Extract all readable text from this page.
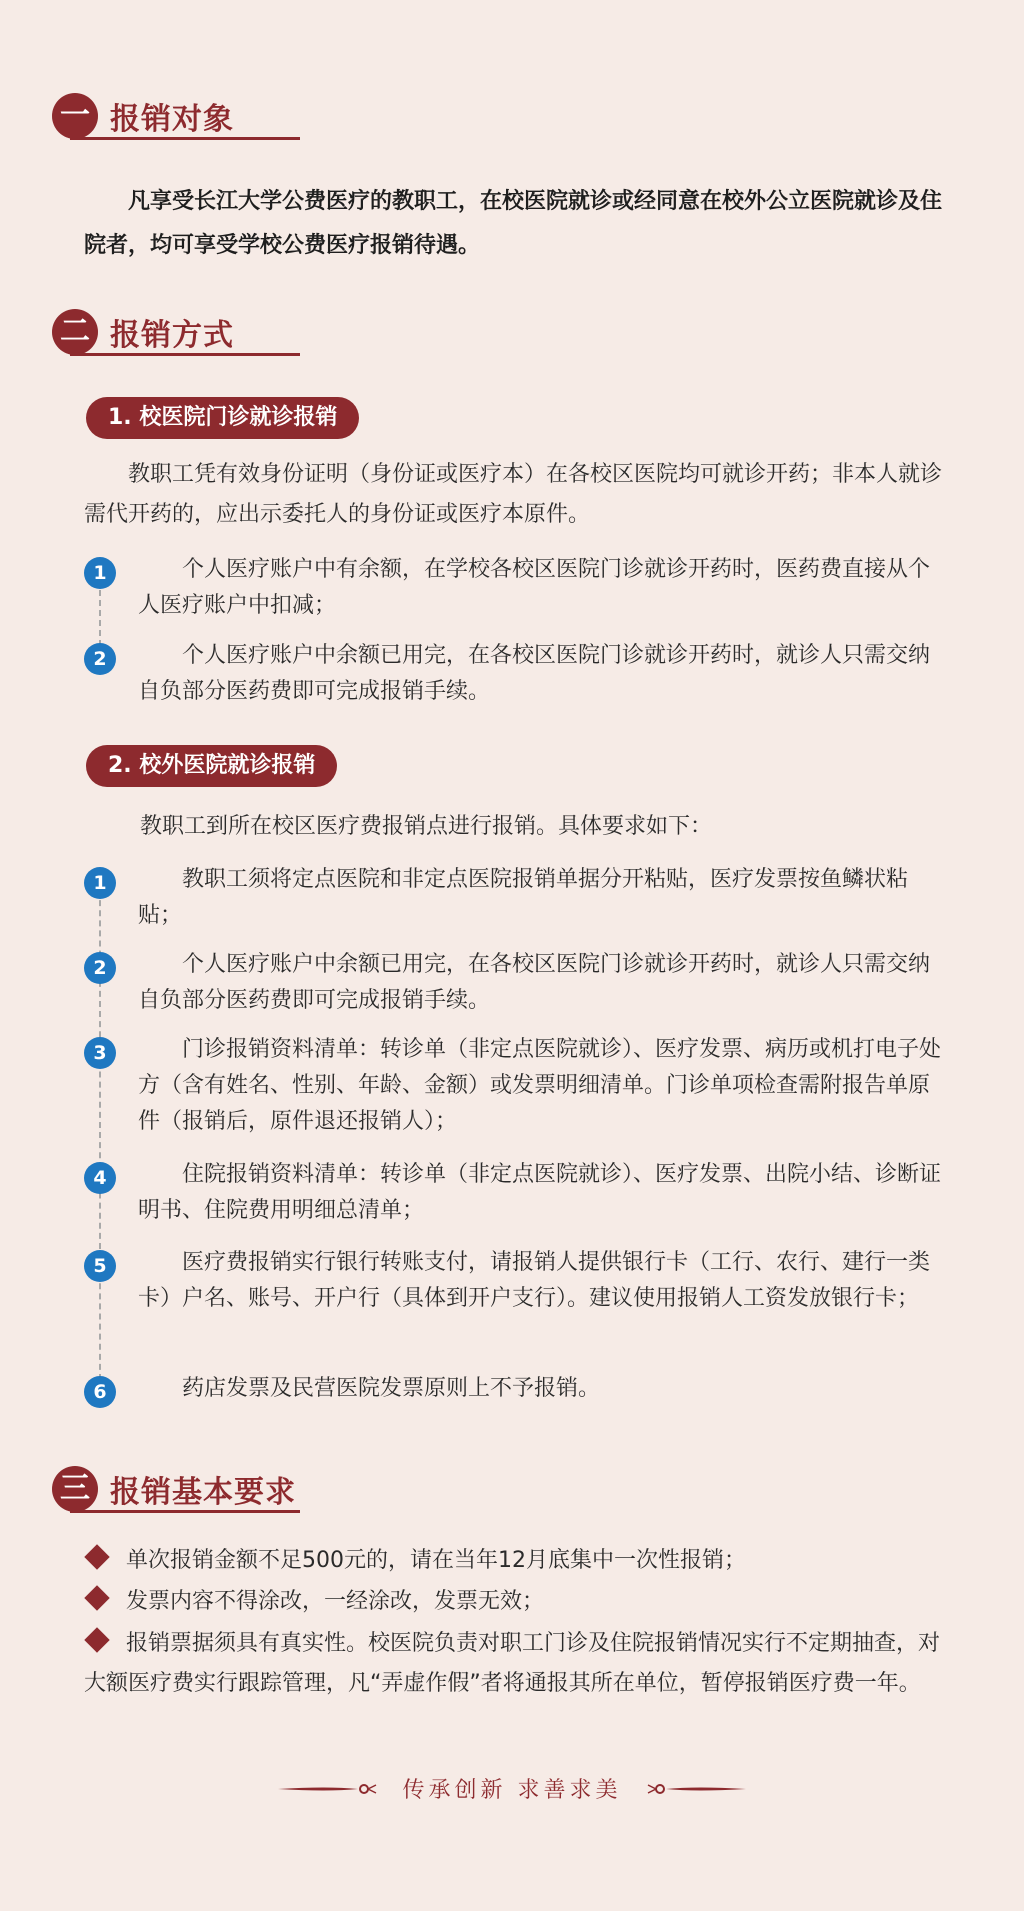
一 报销对象
凡享受长江大学公费医疗的教职工，在校医院就诊或经同意在校外公立医院就诊及住院者，均可享受学校公费医疗报销待遇。
二 报销方式
1. 校医院门诊就诊报销
教职工凭有效身份证明（身份证或医疗本）在各校区医院均可就诊开药；非本人就诊需代开药的，应出示委托人的身份证或医疗本原件。
1	个人医疗账户中有余额，在学校各校区医院门诊就诊开药时，医药费直接从个人医疗账户中扣减；
2	个人医疗账户中余额已用完，在各校区医院门诊就诊开药时，就诊人只需交纳自负部分医药费即可完成报销手续。
2. 校外医院就诊报销
教职工到所在校区医疗费报销点进行报销。具体要求如下：
1	教职工须将定点医院和非定点医院报销单据分开粘贴，医疗发票按鱼鳞状粘贴；
2	个人医疗账户中余额已用完，在各校区医院门诊就诊开药时，就诊人只需交纳自负部分医药费即可完成报销手续。
3	门诊报销资料清单：转诊单（非定点医院就诊）、医疗发票、病历或机打电子处方（含有姓名、性别、年龄、金额）或发票明细清单。门诊单项检查需附报告单原件（报销后，原件退还报销人）；
4	住院报销资料清单：转诊单（非定点医院就诊）、医疗发票、出院小结、诊断证明书、住院费用明细总清单；
5	医疗费报销实行银行转账支付，请报销人提供银行卡（工行、农行、建行一类卡）户名、账号、开户行（具体到开户支行）。建议使用报销人工资发放银行卡；
6	药店发票及民营医院发票原则上不予报销。
三 报销基本要求
单次报销金额不足500元的，请在当年12月底集中一次性报销；
发票内容不得涂改，一经涂改，发票无效；
报销票据须具有真实性。校医院负责对职工门诊及住院报销情况实行不定期抽查，对大额医疗费实行跟踪管理，凡“弄虚作假”者将通报其所在单位，暂停报销医疗费一年。
传承创新 求善求美
